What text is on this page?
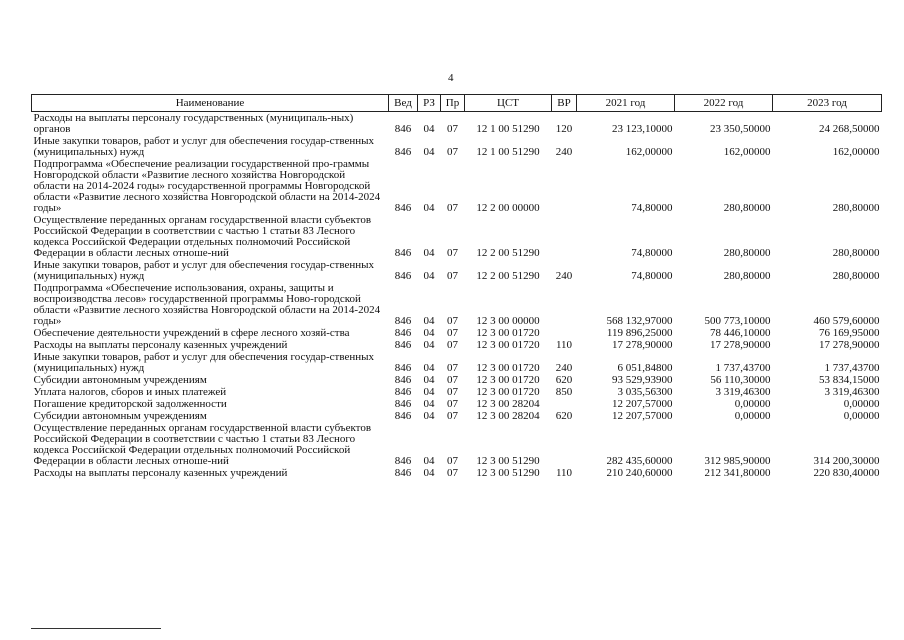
4
Наименование	Вед	РЗ	Пр	ЦСТ	ВР	2021 год	2022 год	2023 год
Расходы на выплаты персоналу государственных (муниципаль-ных) органов	846	04	07	12 1 00 51290	120	23 123,10000	23 350,50000	24 268,50000
Иные закупки товаров, работ и услуг для обеспечения государ-ственных (муниципальных) нужд	846	04	07	12 1 00 51290	240	162,00000	162,00000	162,00000
Подпрограмма «Обеспечение реализации государственной про-граммы Новгородской области «Развитие лесного хозяйства Новгородской области на 2014-2024 годы» государственной программы Новгородской области «Развитие лесного хозяйства Новгородской области на 2014-2024 годы»	846	04	07	12 2 00 00000		74,80000	280,80000	280,80000
Осуществление переданных органам государственной власти субъектов Российской Федерации в соответствии с частью 1 статьи 83 Лесного кодекса Российской Федерации отдельных полномочий Российской Федерации в области лесных отноше-ний	846	04	07	12 2 00 51290		74,80000	280,80000	280,80000
Иные закупки товаров, работ и услуг для обеспечения государ-ственных (муниципальных) нужд	846	04	07	12 2 00 51290	240	74,80000	280,80000	280,80000
Подпрограмма «Обеспечение использования, охраны, защиты и воспроизводства лесов» государственной программы Ново-городской области «Развитие лесного хозяйства Новгородской области на 2014-2024 годы»	846	04	07	12 3 00 00000		568 132,97000	500 773,10000	460 579,60000
Обеспечение деятельности учреждений в сфере лесного хозяй-ства	846	04	07	12 3 00 01720		119 896,25000	78 446,10000	76 169,95000
Расходы на выплаты персоналу казенных учреждений	846	04	07	12 3 00 01720	110	17 278,90000	17 278,90000	17 278,90000
Иные закупки товаров, работ и услуг для обеспечения государ-ственных (муниципальных) нужд	846	04	07	12 3 00 01720	240	6 051,84800	1 737,43700	1 737,43700
Субсидии автономным учреждениям	846	04	07	12 3 00 01720	620	93 529,93900	56 110,30000	53 834,15000
Уплата налогов, сборов и иных платежей	846	04	07	12 3 00 01720	850	3 035,56300	3 319,46300	3 319,46300
Погашение кредиторской задолженности	846	04	07	12 3 00 28204		12 207,57000	0,00000	0,00000
Субсидии автономным учреждениям	846	04	07	12 3 00 28204	620	12 207,57000	0,00000	0,00000
Осуществление переданных органам государственной власти субъектов Российской Федерации в соответствии с частью 1 статьи 83 Лесного кодекса Российской Федерации отдельных полномочий Российской Федерации в области лесных отноше-ний	846	04	07	12 3 00 51290		282 435,60000	312 985,90000	314 200,30000
Расходы на выплаты персоналу казенных учреждений	846	04	07	12 3 00 51290	110	210 240,60000	212 341,80000	220 830,40000
